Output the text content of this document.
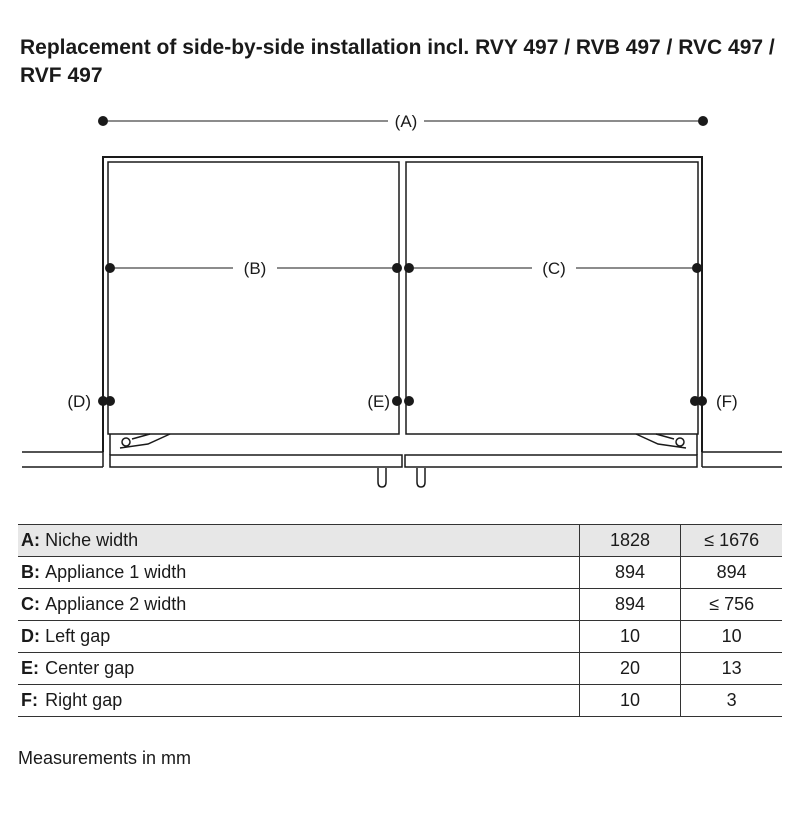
Replacement of side-by-side installation incl. RVY 497 / RVB 497 / RVC 497 / RVF 497
(A)
(B)	(C)
(D)	(E)	(F)
A:	Niche width	1828	≤ 1676
B:	Appliance 1 width	894	894
C:	Appliance 2 width	894	≤ 756
D:	Left gap	10	10
E:	Center gap	20	13
F:	Right gap	10	3

Measurements in mm
